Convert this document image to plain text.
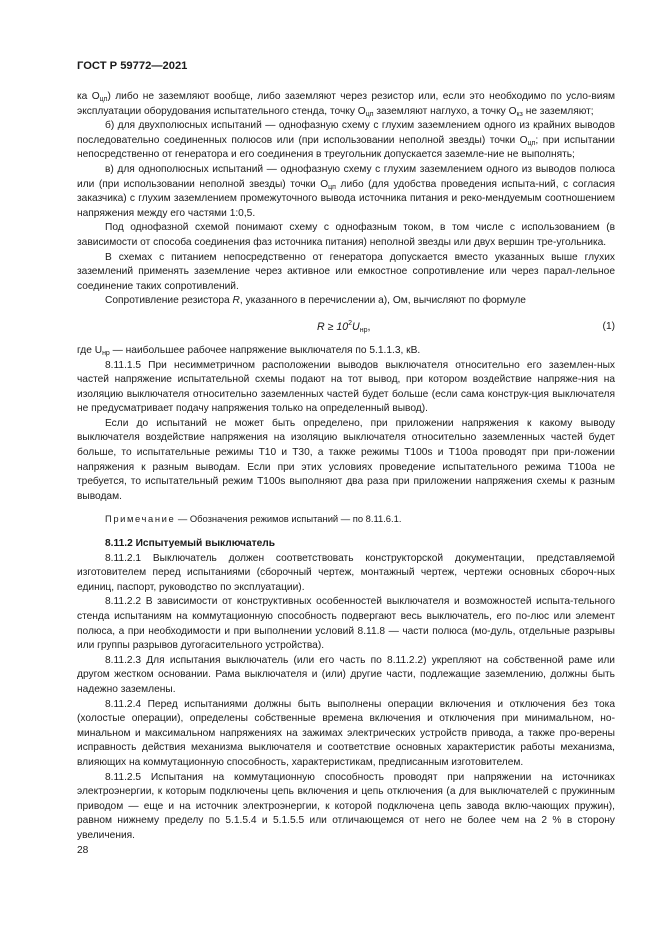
ГОСТ Р 59772—2021

ка $O_{цп}$) либо не заземляют вообще, либо заземляют через резистор или, если это необходимо по усло-виям эксплуатации оборудования испытательного стенда, точку $O_{цп}$ заземляют наглухо, а точку $O_{кз}$ не заземляют;

б) для двухполюсных испытаний — однофазную схему с глухим заземлением одного из крайних выводов последовательно соединенных полюсов или (при использовании неполной звезды) точки $O_{цп}$; при испытании непосредственно от генератора и его соединения в треугольник допускается заземле-ние не выполнять;

в) для однополюсных испытаний — однофазную схему с глухим заземлением одного из выводов полюса или (при использовании неполной звезды) точки $O_{цп}$ либо (для удобства проведения испыта-ний, с согласия заказчика) с глухим заземлением промежуточного вывода источника питания и реко-мендуемым соотношением напряжения между его частями 1:0,5.

Под однофазной схемой понимают схему с однофазным током, в том числе с использованием (в зависимости от способа соединения фаз источника питания) неполной звезды или двух вершин тре-угольника.

В схемах с питанием непосредственно от генератора допускается вместо указанных выше глухих заземлений применять заземление через активное или емкостное сопротивление или через парал-лельное соединение таких сопротивлений.

Сопротивление резистора R, указанного в перечислении а), Ом, вычисляют по формуле

$R \ge 10^2U_{нр}$,	(1)

где $U_{нр}$ — наибольшее рабочее напряжение выключателя по 5.1.1.3, кВ.

8.11.1.5 При несимметричном расположении выводов выключателя относительно его заземлен-ных частей напряжение испытательной схемы подают на тот вывод, при котором воздействие напряже-ния на изоляцию выключателя относительно заземленных частей будет больше (если сама конструк-ция выключателя не предусматривает подачу напряжения только на определенный вывод).

Если до испытаний не может быть определено, при приложении напряжения к какому выводу выключателя воздействие напряжения на изоляцию выключателя относительно заземленных частей будет больше, то испытательные режимы Т10 и Т30, а также режимы T100s и T100a проводят при при-ложении напряжения к разным выводам. Если при этих условиях проведение испытательного режима Т100a не требуется, то испытательный режим T100s выполняют два раза при приложении напряжения схемы к разным выводам.

Примечание — Обозначения режимов испытаний — по 8.11.6.1.

8.11.2 Испытуемый выключатель

8.11.2.1 Выключатель должен соответствовать конструкторской документации, представляемой изготовителем перед испытаниями (сборочный чертеж, монтажный чертеж, чертежи основных сбороч-ных единиц, паспорт, руководство по эксплуатации).

8.11.2.2 В зависимости от конструктивных особенностей выключателя и возможностей испыта-тельного стенда испытаниям на коммутационную способность подвергают весь выключатель, его по-люс или элемент полюса, а при необходимости и при выполнении условий 8.11.8 — части полюса (мо-дуль, отдельные разрывы или группы разрывов дугогасительного устройства).

8.11.2.3 Для испытания выключатель (или его часть по 8.11.2.2) укрепляют на собственной раме или другом жестком основании. Рама выключателя и (или) другие части, подлежащие заземлению, должны быть надежно заземлены.

8.11.2.4 Перед испытаниями должны быть выполнены операции включения и отключения без тока (холостые операции), определены собственные времена включения и отключения при минимальном, но-минальном и максимальном напряжениях на зажимах электрических устройств привода, а также про-верены исправность действия механизма выключателя и соответствие основных характеристик работы механизма, влияющих на коммутационную способность, характеристикам, предписанным изготовителем.

8.11.2.5 Испытания на коммутационную способность проводят при напряжении на источниках электроэнергии, к которым подключены цепь включения и цепь отключения (а для выключателей с пружинным приводом — еще и на источник электроэнергии, к которой подключена цепь завода вклю-чающих пружин), равном нижнему пределу по 5.1.5.4 и 5.1.5.5 или отличающемся от него не более чем на 2 % в сторону увеличения.

28
